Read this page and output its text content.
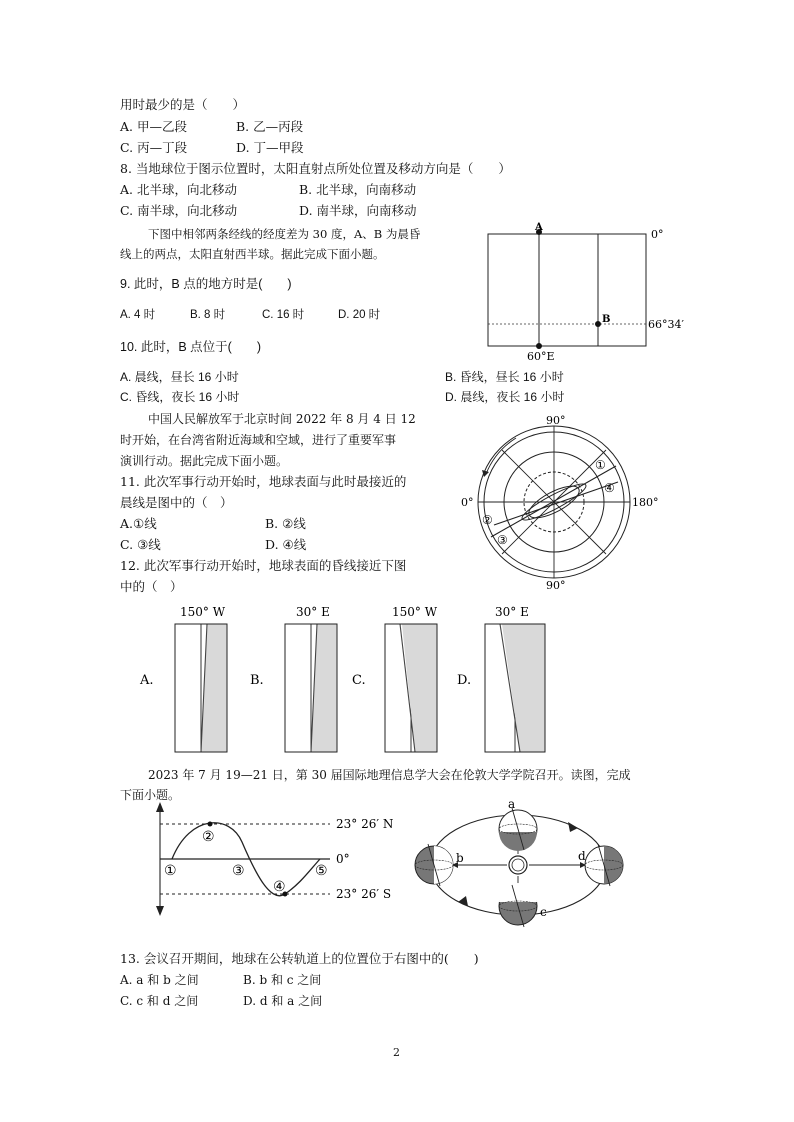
用时最少的是（　　）
A. 甲—乙段	B. 乙—丙段
C. 丙—丁段	D. 丁—甲段
8. 当地球位于图示位置时，太阳直射点所处位置及移动方向是（　　）
A. 北半球，向北移动	B. 北半球，向南移动
C. 南半球，向北移动	D. 南半球，向南移动
下图中相邻两条经线的经度差为 30 度，A、B 为晨昏
线上的两点，太阳直射西半球。据此完成下面小题。
A
B
0°
66°34′
60°E
9. 此时，B 点的地方时是(　　)
A. 4 时	B. 8 时	C. 16 时	D. 20 时
10. 此时，B 点位于(　　)
A. 晨线，昼长 16 小时	B. 昏线，昼长 16 小时
C. 昏线，夜长 16 小时	D. 晨线，夜长 16 小时
中国人民解放军于北京时间 2022 年 8 月 4 日 12
时开始，在台湾省附近海域和空域，进行了重要军事
演训行动。据此完成下面小题。
90°
90°
0°	180°
①
④
②
③
11. 此次军事行动开始时，地球表面与此时最接近的
晨线是图中的（　）
A.①线	B. ②线
C. ③线	D. ④线
12. 此次军事行动开始时，地球表面的昏线接近下图
中的（　）
150° W
A.
30° E
B.
150° W
C.
30° E
D.
2023 年 7 月 19—21 日，第 30 届国际地理信息学大会在伦敦大学学院召开。读图，完成
下面小题。
23° 26′ N
0°
23° 26′ S
①
②
③
④
⑤
a
b
c
d
13. 会议召开期间，地球在公转轨道上的位置位于右图中的(　　)
A. a 和 b 之间	B. b 和 c 之间
C. c 和 d 之间	D. d 和 a 之间
2
